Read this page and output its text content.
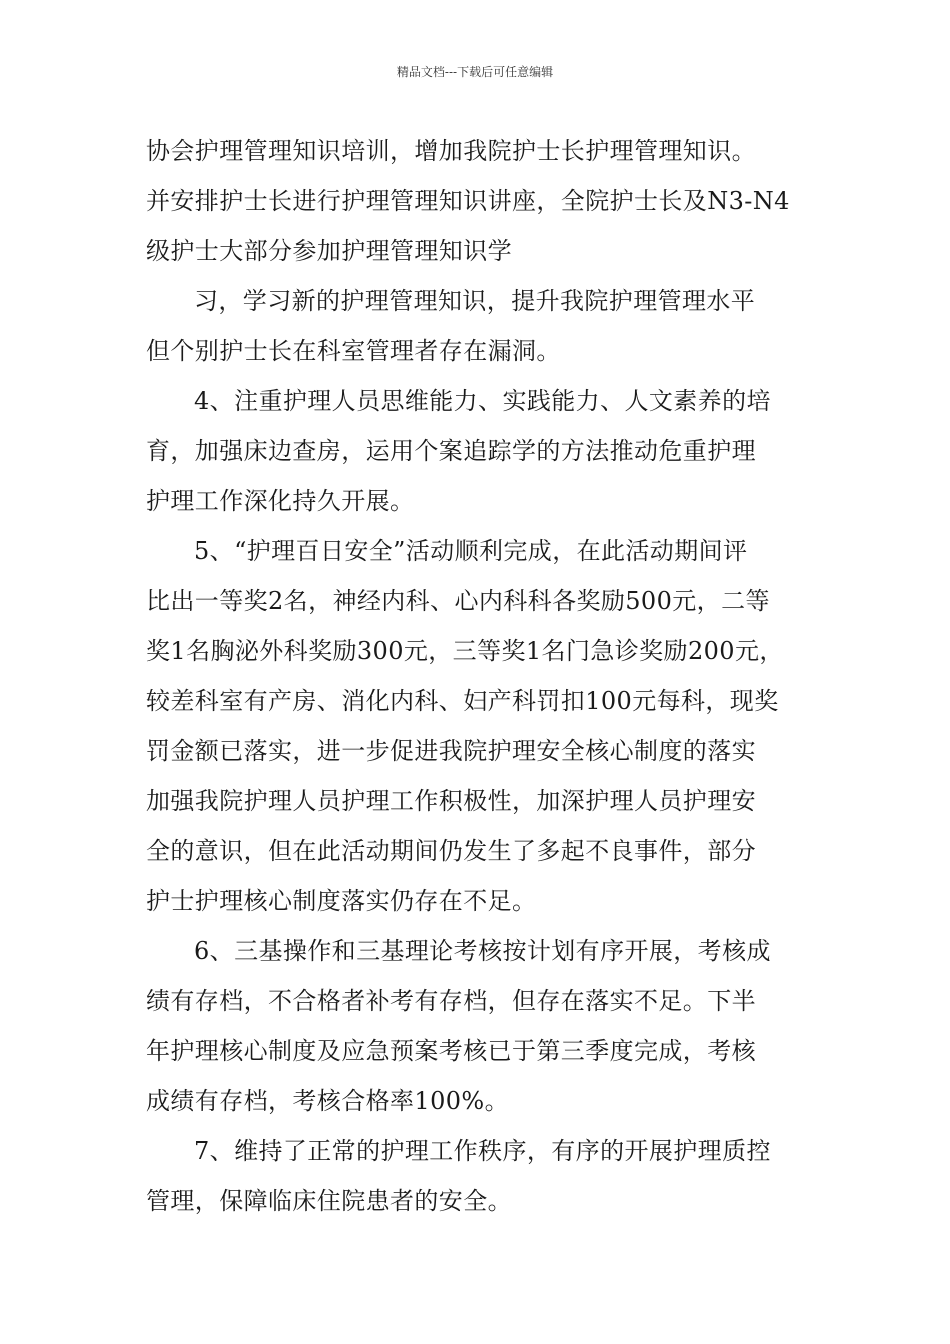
精品文档---下载后可任意编辑
协会护理管理知识培训，增加我院护士长护理管理知识。
并安排护士长进行护理管理知识讲座，全院护士长及N3-N4
级护士大部分参加护理管理知识学
习，学习新的护理管理知识，提升我院护理管理水平
但个别护士长在科室管理者存在漏洞。
4、注重护理人员思维能力、实践能力、人文素养的培
育，加强床边查房，运用个案追踪学的方法推动危重护理
护理工作深化持久开展。
5、“护理百日安全”活动顺利完成，在此活动期间评
比出一等奖2名，神经内科、心内科科各奖励500元，二等
奖1名胸泌外科奖励300元，三等奖1名门急诊奖励200元，
较差科室有产房、消化内科、妇产科罚扣100元每科，现奖
罚金额已落实，进一步促进我院护理安全核心制度的落实
加强我院护理人员护理工作积极性，加深护理人员护理安
全的意识，但在此活动期间仍发生了多起不良事件，部分
护士护理核心制度落实仍存在不足。
6、三基操作和三基理论考核按计划有序开展，考核成
绩有存档，不合格者补考有存档，但存在落实不足。下半
年护理核心制度及应急预案考核已于第三季度完成，考核
成绩有存档，考核合格率100%。
7、维持了正常的护理工作秩序，有序的开展护理质控
管理，保障临床住院患者的安全。
